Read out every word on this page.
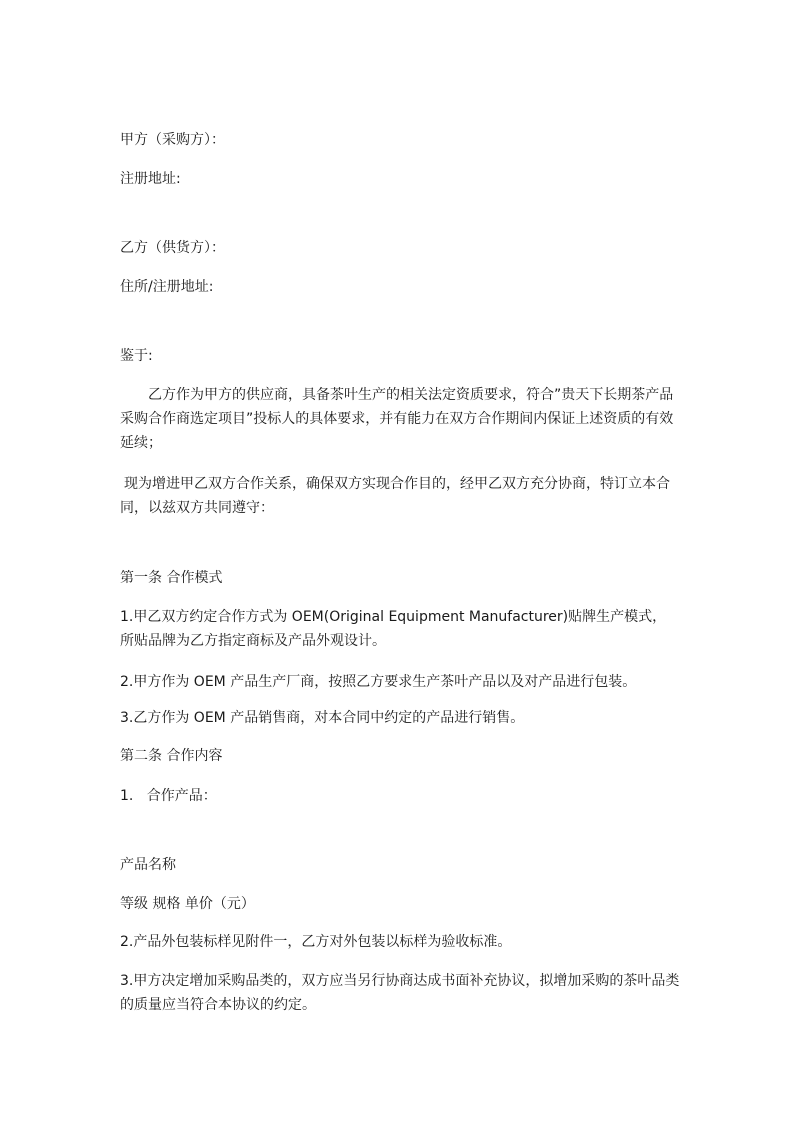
甲方（采购方）：
注册地址:
乙方（供货方）：
住所/注册地址:
鉴于:
乙方作为甲方的供应商，具备茶叶生产的相关法定资质要求，符合”贵天下长期茶产品采购合作商选定项目”投标人的具体要求，并有能力在双方合作期间内保证上述资质的有效延续；
现为增进甲乙双方合作关系，确保双方实现合作目的，经甲乙双方充分协商，特订立本合同，以兹双方共同遵守：
第一条 合作模式
1.甲乙双方约定合作方式为 OEM(Original Equipment Manufacturer)贴牌生产模式，所贴品牌为乙方指定商标及产品外观设计。
2.甲方作为 OEM 产品生产厂商，按照乙方要求生产茶叶产品以及对产品进行包装。
3.乙方作为 OEM 产品销售商，对本合同中约定的产品进行销售。
第二条 合作内容
1.   合作产品：
产品名称
等级 规格 单价（元）
2.产品外包装标样见附件一，乙方对外包装以标样为验收标准。
3.甲方决定增加采购品类的，双方应当另行协商达成书面补充协议，拟增加采购的茶叶品类的质量应当符合本协议的约定。
